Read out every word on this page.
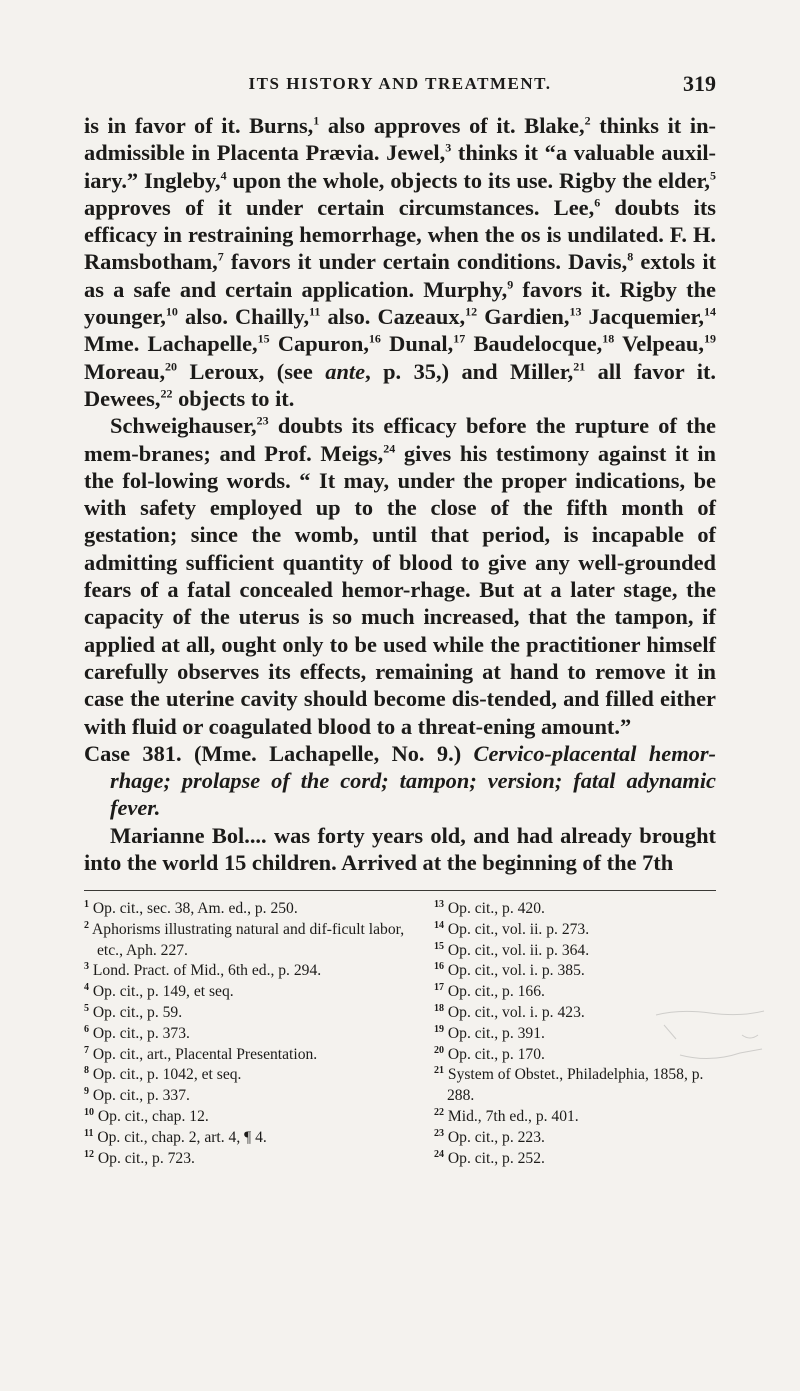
ITS HISTORY AND TREATMENT.	319

is in favor of it. Burns,$^1$ also approves of it. Blake,$^2$ thinks it in-admissible in Placenta Prævia. Jewel,$^3$ thinks it “a valuable auxil-iary.” Ingleby,$^4$ upon the whole, objects to its use. Rigby the elder,$^5$ approves of it under certain circumstances. Lee,$^6$ doubts its efficacy in restraining hemorrhage, when the os is undilated. F. H. Ramsbotham,$^7$ favors it under certain conditions. Davis,$^8$ extols it as a safe and certain application. Murphy,$^9$ favors it. Rigby the younger,$^{10}$ also. Chailly,$^{11}$ also. Cazeaux,$^{12}$ Gardien,$^{13}$ Jacquemier,$^{14}$ Mme. Lachapelle,$^{15}$ Capuron,$^{16}$ Dunal,$^{17}$ Baudelocque,$^{18}$ Velpeau,$^{19}$ Moreau,$^{20}$ Leroux, (see ante, p. 35,) and Miller,$^{21}$ all favor it. Dewees,$^{22}$ objects to it.

Schweighauser,$^{23}$ doubts its efficacy before the rupture of the mem-branes; and Prof. Meigs,$^{24}$ gives his testimony against it in the fol-lowing words. “ It may, under the proper indications, be with safety employed up to the close of the fifth month of gestation; since the womb, until that period, is incapable of admitting sufficient quantity of blood to give any well-grounded fears of a fatal concealed hemor-rhage. But at a later stage, the capacity of the uterus is so much increased, that the tampon, if applied at all, ought only to be used while the practitioner himself carefully observes its effects, remaining at hand to remove it in case the uterine cavity should become dis-tended, and filled either with fluid or coagulated blood to a threat-ening amount.”

Case 381. (Mme. Lachapelle, No. 9.) Cervico-placental hemor-rhage; prolapse of the cord; tampon; version; fatal adynamic fever.

Marianne Bol.... was forty years old, and had already brought into the world 15 children. Arrived at the beginning of the 7th

$^1$ Op. cit., sec. 38, Am. ed., p. 250.

$^2$ Aphorisms illustrating natural and dif-ficult labor, etc., Aph. 227.

$^3$ Lond. Pract. of Mid., 6th ed., p. 294.

$^4$ Op. cit., p. 149, et seq.

$^5$ Op. cit., p. 59.

$^6$ Op. cit., p. 373.

$^7$ Op. cit., art., Placental Presentation.

$^8$ Op. cit., p. 1042, et seq.

$^9$ Op. cit., p. 337.

$^{10}$ Op. cit., chap. 12.

$^{11}$ Op. cit., chap. 2, art. 4, ¶ 4.

$^{12}$ Op. cit., p. 723.

$^{13}$ Op. cit., p. 420.

$^{14}$ Op. cit., vol. ii. p. 273.

$^{15}$ Op. cit., vol. ii. p. 364.

$^{16}$ Op. cit., vol. i. p. 385.

$^{17}$ Op. cit., p. 166.

$^{18}$ Op. cit., vol. i. p. 423.

$^{19}$ Op. cit., p. 391.

$^{20}$ Op. cit., p. 170.

$^{21}$ System of Obstet., Philadelphia, 1858, p. 288.

$^{22}$ Mid., 7th ed., p. 401.

$^{23}$ Op. cit., p. 223.

$^{24}$ Op. cit., p. 252.
